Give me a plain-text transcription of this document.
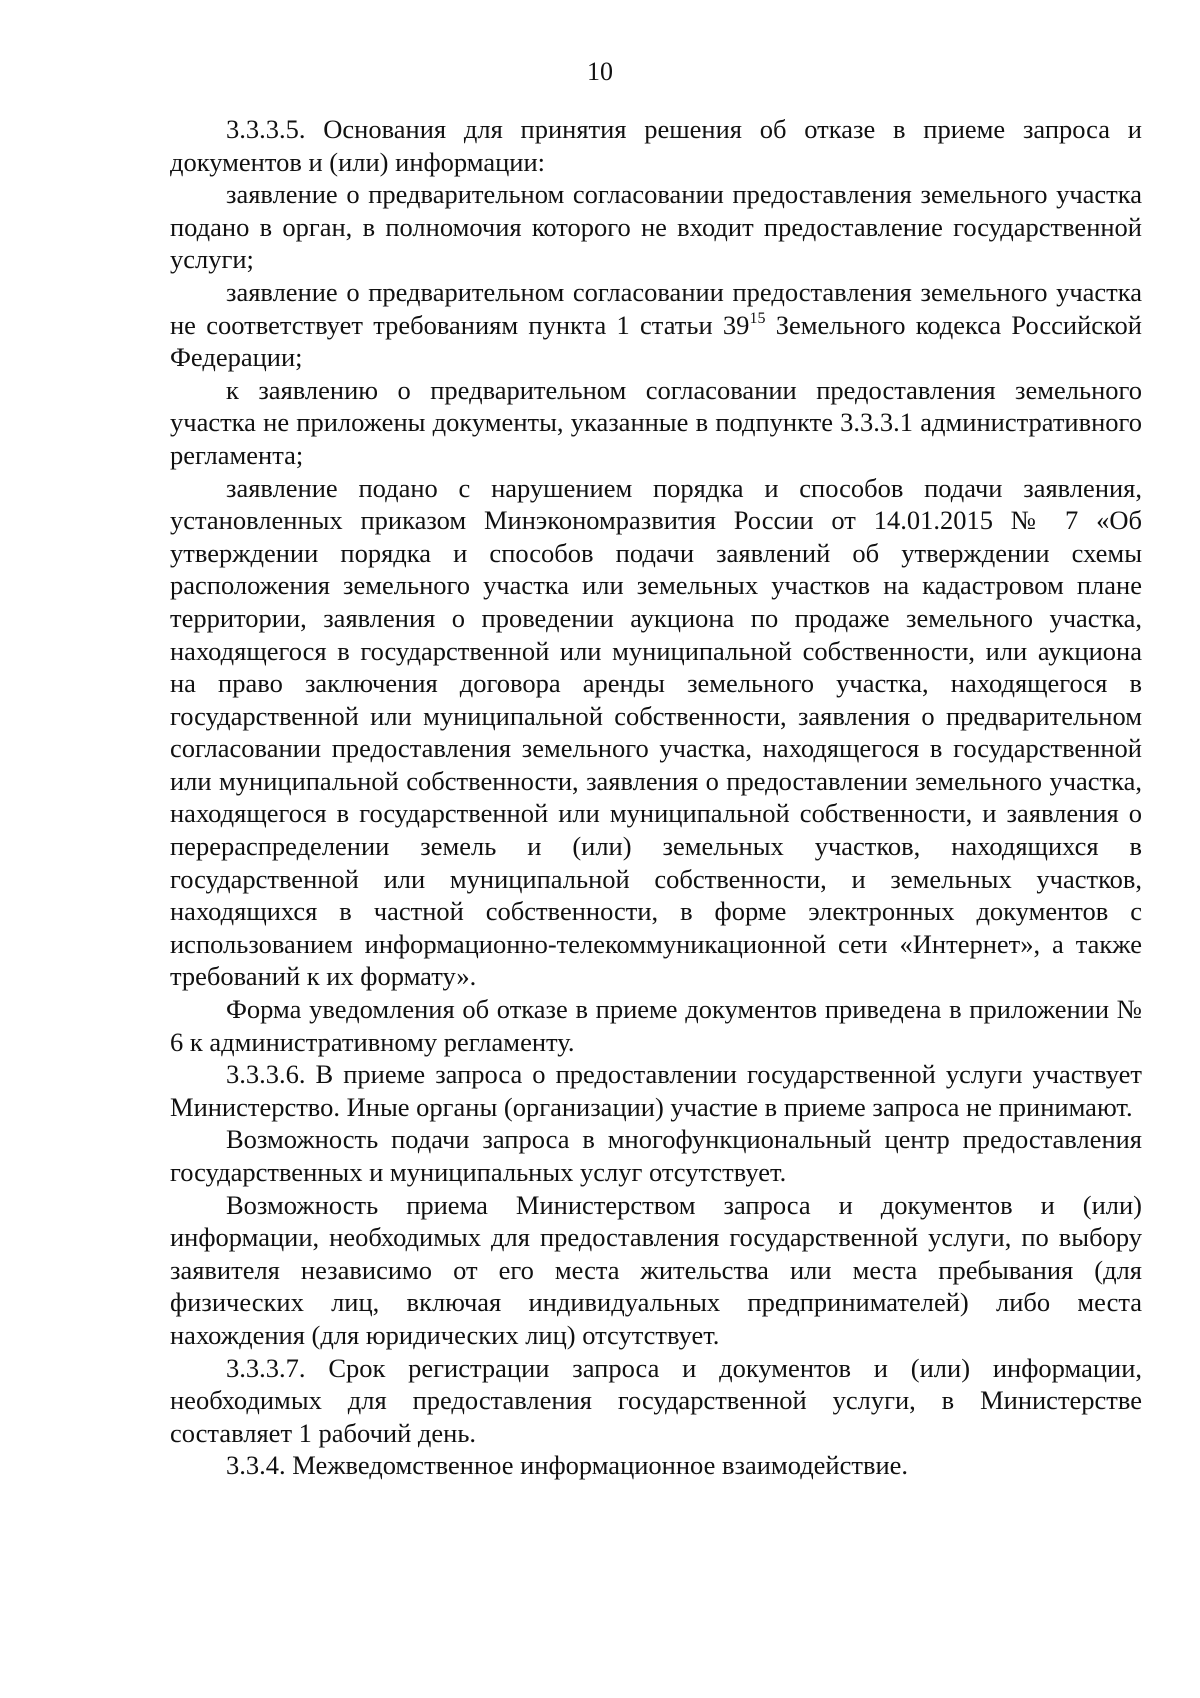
10

3.3.3.5. Основания для принятия решения об отказе в приеме запроса и документов и (или) информации:

заявление о предварительном согласовании предоставления земельного участка подано в орган, в полномочия которого не входит предоставление государственной услуги;

заявление о предварительном согласовании предоставления земельного участка не соответствует требованиям пункта 1 статьи $39^{15}$ Земельного кодекса Российской Федерации;

к заявлению о предварительном согласовании предоставления земельного участка не приложены документы, указанные в подпункте 3.3.3.1 административного регламента;

заявление подано с нарушением порядка и способов подачи заявления, установленных приказом Минэкономразвития России от 14.01.2015 № 7 «Об утверждении порядка и способов подачи заявлений об утверждении схемы расположения земельного участка или земельных участков на кадастровом плане территории, заявления о проведении аукциона по продаже земельного участка, находящегося в государственной или муниципальной собственности, или аукциона на право заключения договора аренды земельного участка, находящегося в государственной или муниципальной собственности, заявления о предварительном согласовании предоставления земельного участка, находящегося в государственной или муниципальной собственности, заявления о предоставлении земельного участка, находящегося в государственной или муниципальной собственности, и заявления о перераспределении земель и (или) земельных участков, находящихся в государственной или муниципальной собственности, и земельных участков, находящихся в частной собственности, в форме электронных документов с использованием информационно-телекоммуникационной сети «Интернет», а также требований к их формату».

Форма уведомления об отказе в приеме документов приведена в приложении № 6 к административному регламенту.

3.3.3.6. В приеме запроса о предоставлении государственной услуги участвует Министерство. Иные органы (организации) участие в приеме запроса не принимают.

Возможность подачи запроса в многофункциональный центр предоставления государственных и муниципальных услуг отсутствует.

Возможность приема Министерством запроса и документов и (или) информации, необходимых для предоставления государственной услуги, по выбору заявителя независимо от его места жительства или места пребывания (для физических лиц, включая индивидуальных предпринимателей) либо места нахождения (для юридических лиц) отсутствует.

3.3.3.7. Срок регистрации запроса и документов и (или) информации, необходимых для предоставления государственной услуги, в Министерстве составляет 1 рабочий день.

3.3.4. Межведомственное информационное взаимодействие.
